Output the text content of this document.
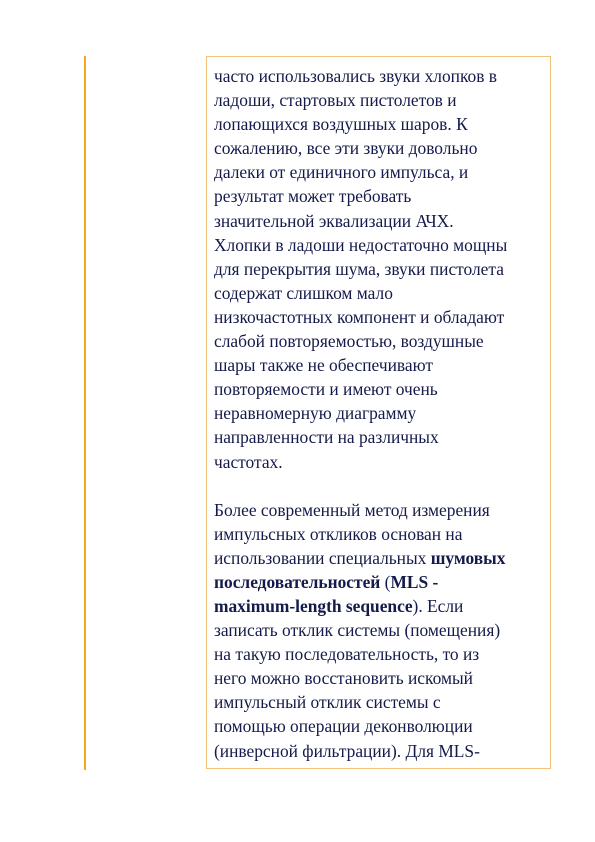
часто использовались звуки хлопков в
ладоши, стартовых пистолетов и
лопающихся воздушных шаров. К
сожалению, все эти звуки довольно
далеки от единичного импульса, и
результат может требовать
значительной эквализации АЧХ.
Хлопки в ладоши недостаточно мощны
для перекрытия шума, звуки пистолета
содержат слишком мало
низкочастотных компонент и обладают
слабой повторяемостью, воздушные
шары также не обеспечивают
повторяемости и имеют очень
неравномерную диаграмму
направленности на различных
частотах.

Более современный метод измерения
импульсных откликов основан на
использовании специальных шумовых
последовательностей (MLS -
maximum-length sequence). Если
записать отклик системы (помещения)
на такую последовательность, то из
него можно восстановить искомый
импульсный отклик системы с
помощью операции деконволюции
(инверсной фильтрации). Для MLS-
